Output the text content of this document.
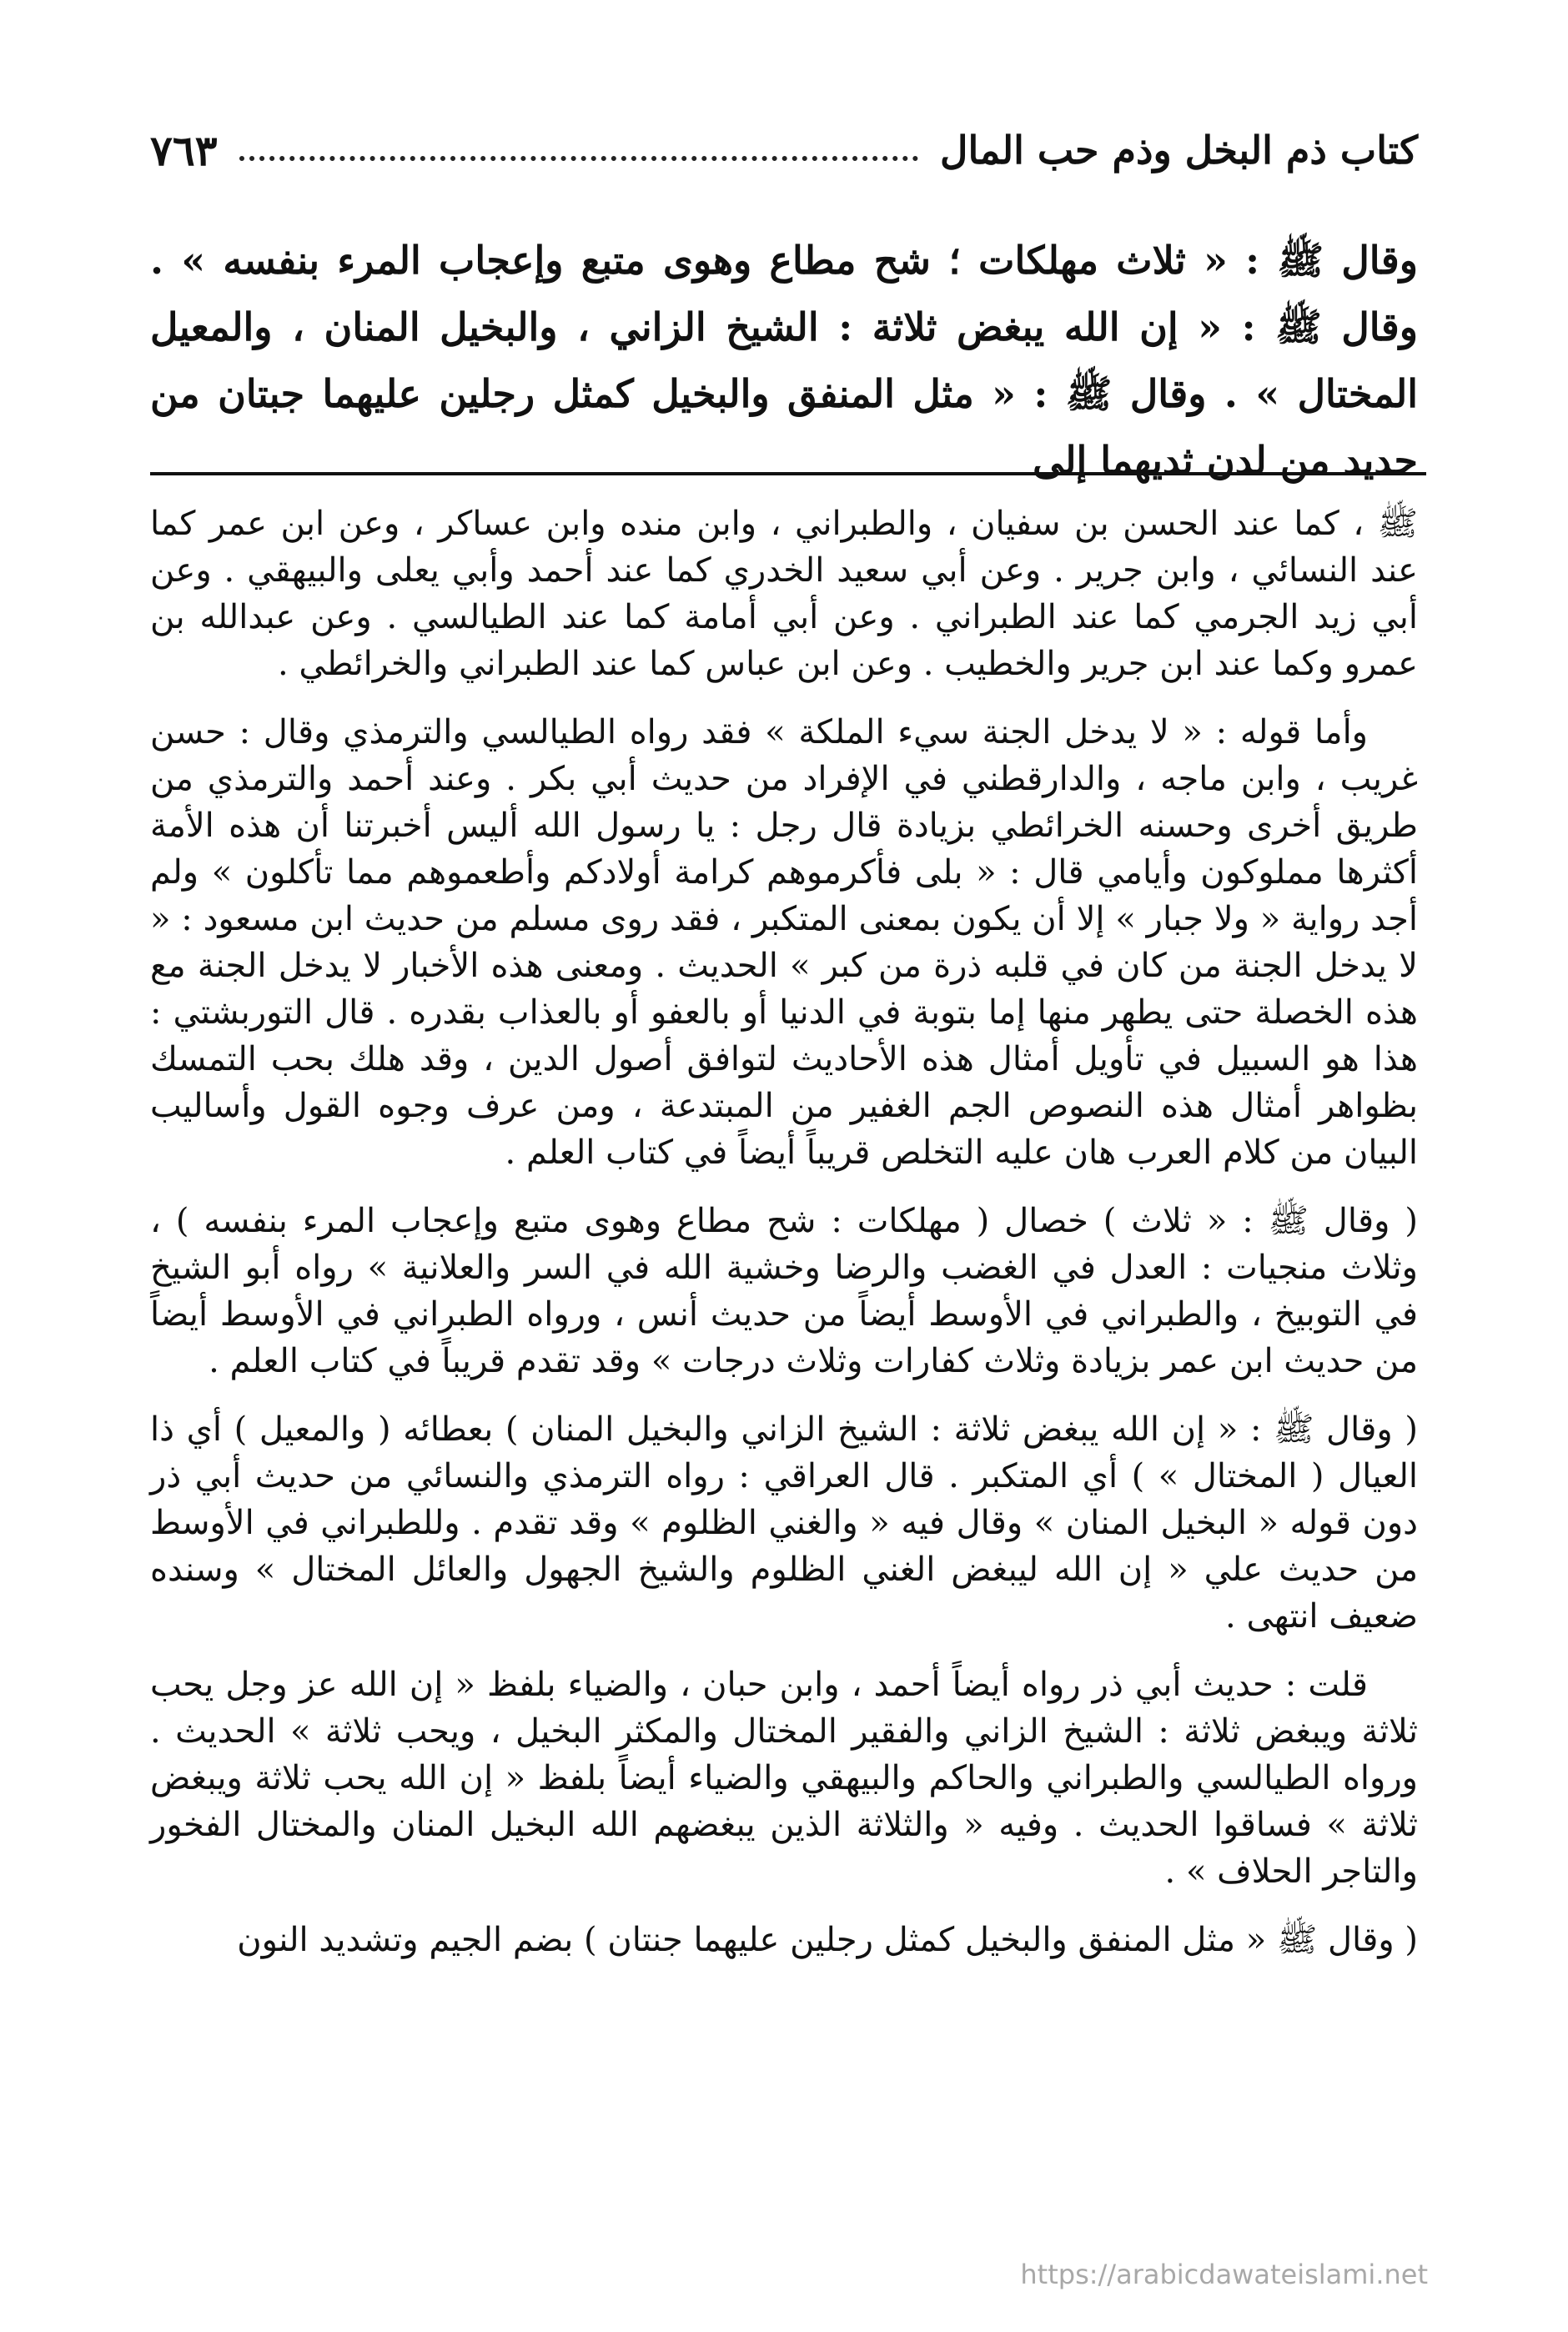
كتاب ذم البخل وذم حب المال
٧٦٣
وقال ﷺ : « ثلاث مهلكات ؛ شح مطاع وهوى متبع وإعجاب المرء بنفسه » . وقال ﷺ : « إن الله يبغض ثلاثة : الشيخ الزاني ، والبخيل المنان ، والمعيل المختال » . وقال ﷺ : « مثل المنفق والبخيل كمثل رجلين عليهما جبتان من حديد من لدن ثديهما إلى

ﷺ ، كما عند الحسن بن سفيان ، والطبراني ، وابن منده وابن عساكر ، وعن ابن عمر كما عند النسائي ، وابن جرير . وعن أبي سعيد الخدري كما عند أحمد وأبي يعلى والبيهقي . وعن أبي زيد الجرمي كما عند الطبراني . وعن أبي أمامة كما عند الطيالسي . وعن عبدالله بن عمرو وكما عند ابن جرير والخطيب . وعن ابن عباس كما عند الطبراني والخرائطي .

وأما قوله : « لا يدخل الجنة سيء الملكة » فقد رواه الطيالسي والترمذي وقال : حسن غريب ، وابن ماجه ، والدارقطني في الإفراد من حديث أبي بكر . وعند أحمد والترمذي من طريق أخرى وحسنه الخرائطي بزيادة قال رجل : يا رسول الله أليس أخبرتنا أن هذه الأمة أكثرها مملوكون وأيامي قال : « بلى فأكرموهم كرامة أولادكم وأطعموهم مما تأكلون » ولم أجد رواية « ولا جبار » إلا أن يكون بمعنى المتكبر ، فقد روى مسلم من حديث ابن مسعود : « لا يدخل الجنة من كان في قلبه ذرة من كبر » الحديث . ومعنى هذه الأخبار لا يدخل الجنة مع هذه الخصلة حتى يطهر منها إما بتوبة في الدنيا أو بالعفو أو بالعذاب بقدره . قال التوربشتي : هذا هو السبيل في تأويل أمثال هذه الأحاديث لتوافق أصول الدين ، وقد هلك بحب التمسك بظواهر أمثال هذه النصوص الجم الغفير من المبتدعة ، ومن عرف وجوه القول وأساليب البيان من كلام العرب هان عليه التخلص قريباً أيضاً في كتاب العلم .

( وقال ﷺ : « ثلاث ) خصال ( مهلكات : شح مطاع وهوى متبع وإعجاب المرء بنفسه ) ، وثلاث منجيات : العدل في الغضب والرضا وخشية الله في السر والعلانية » رواه أبو الشيخ في التوبيخ ، والطبراني في الأوسط أيضاً من حديث أنس ، ورواه الطبراني في الأوسط أيضاً من حديث ابن عمر بزيادة وثلاث كفارات وثلاث درجات » وقد تقدم قريباً في كتاب العلم .

( وقال ﷺ : « إن الله يبغض ثلاثة : الشيخ الزاني والبخيل المنان ) بعطائه ( والمعيل ) أي ذا العيال ( المختال » ) أي المتكبر . قال العراقي : رواه الترمذي والنسائي من حديث أبي ذر دون قوله « البخيل المنان » وقال فيه « والغني الظلوم » وقد تقدم . وللطبراني في الأوسط من حديث علي « إن الله ليبغض الغني الظلوم والشيخ الجهول والعائل المختال » وسنده ضعيف انتهى .

قلت : حديث أبي ذر رواه أيضاً أحمد ، وابن حبان ، والضياء بلفظ « إن الله عز وجل يحب ثلاثة ويبغض ثلاثة : الشيخ الزاني والفقير المختال والمكثر البخيل ، ويحب ثلاثة » الحديث . ورواه الطيالسي والطبراني والحاكم والبيهقي والضياء أيضاً بلفظ « إن الله يحب ثلاثة ويبغض ثلاثة » فساقوا الحديث . وفيه « والثلاثة الذين يبغضهم الله البخيل المنان والمختال الفخور والتاجر الحلاف » .

( وقال ﷺ « مثل المنفق والبخيل كمثل رجلين عليهما جنتان ) بضم الجيم وتشديد النون

https://arabicdawateislami.net
